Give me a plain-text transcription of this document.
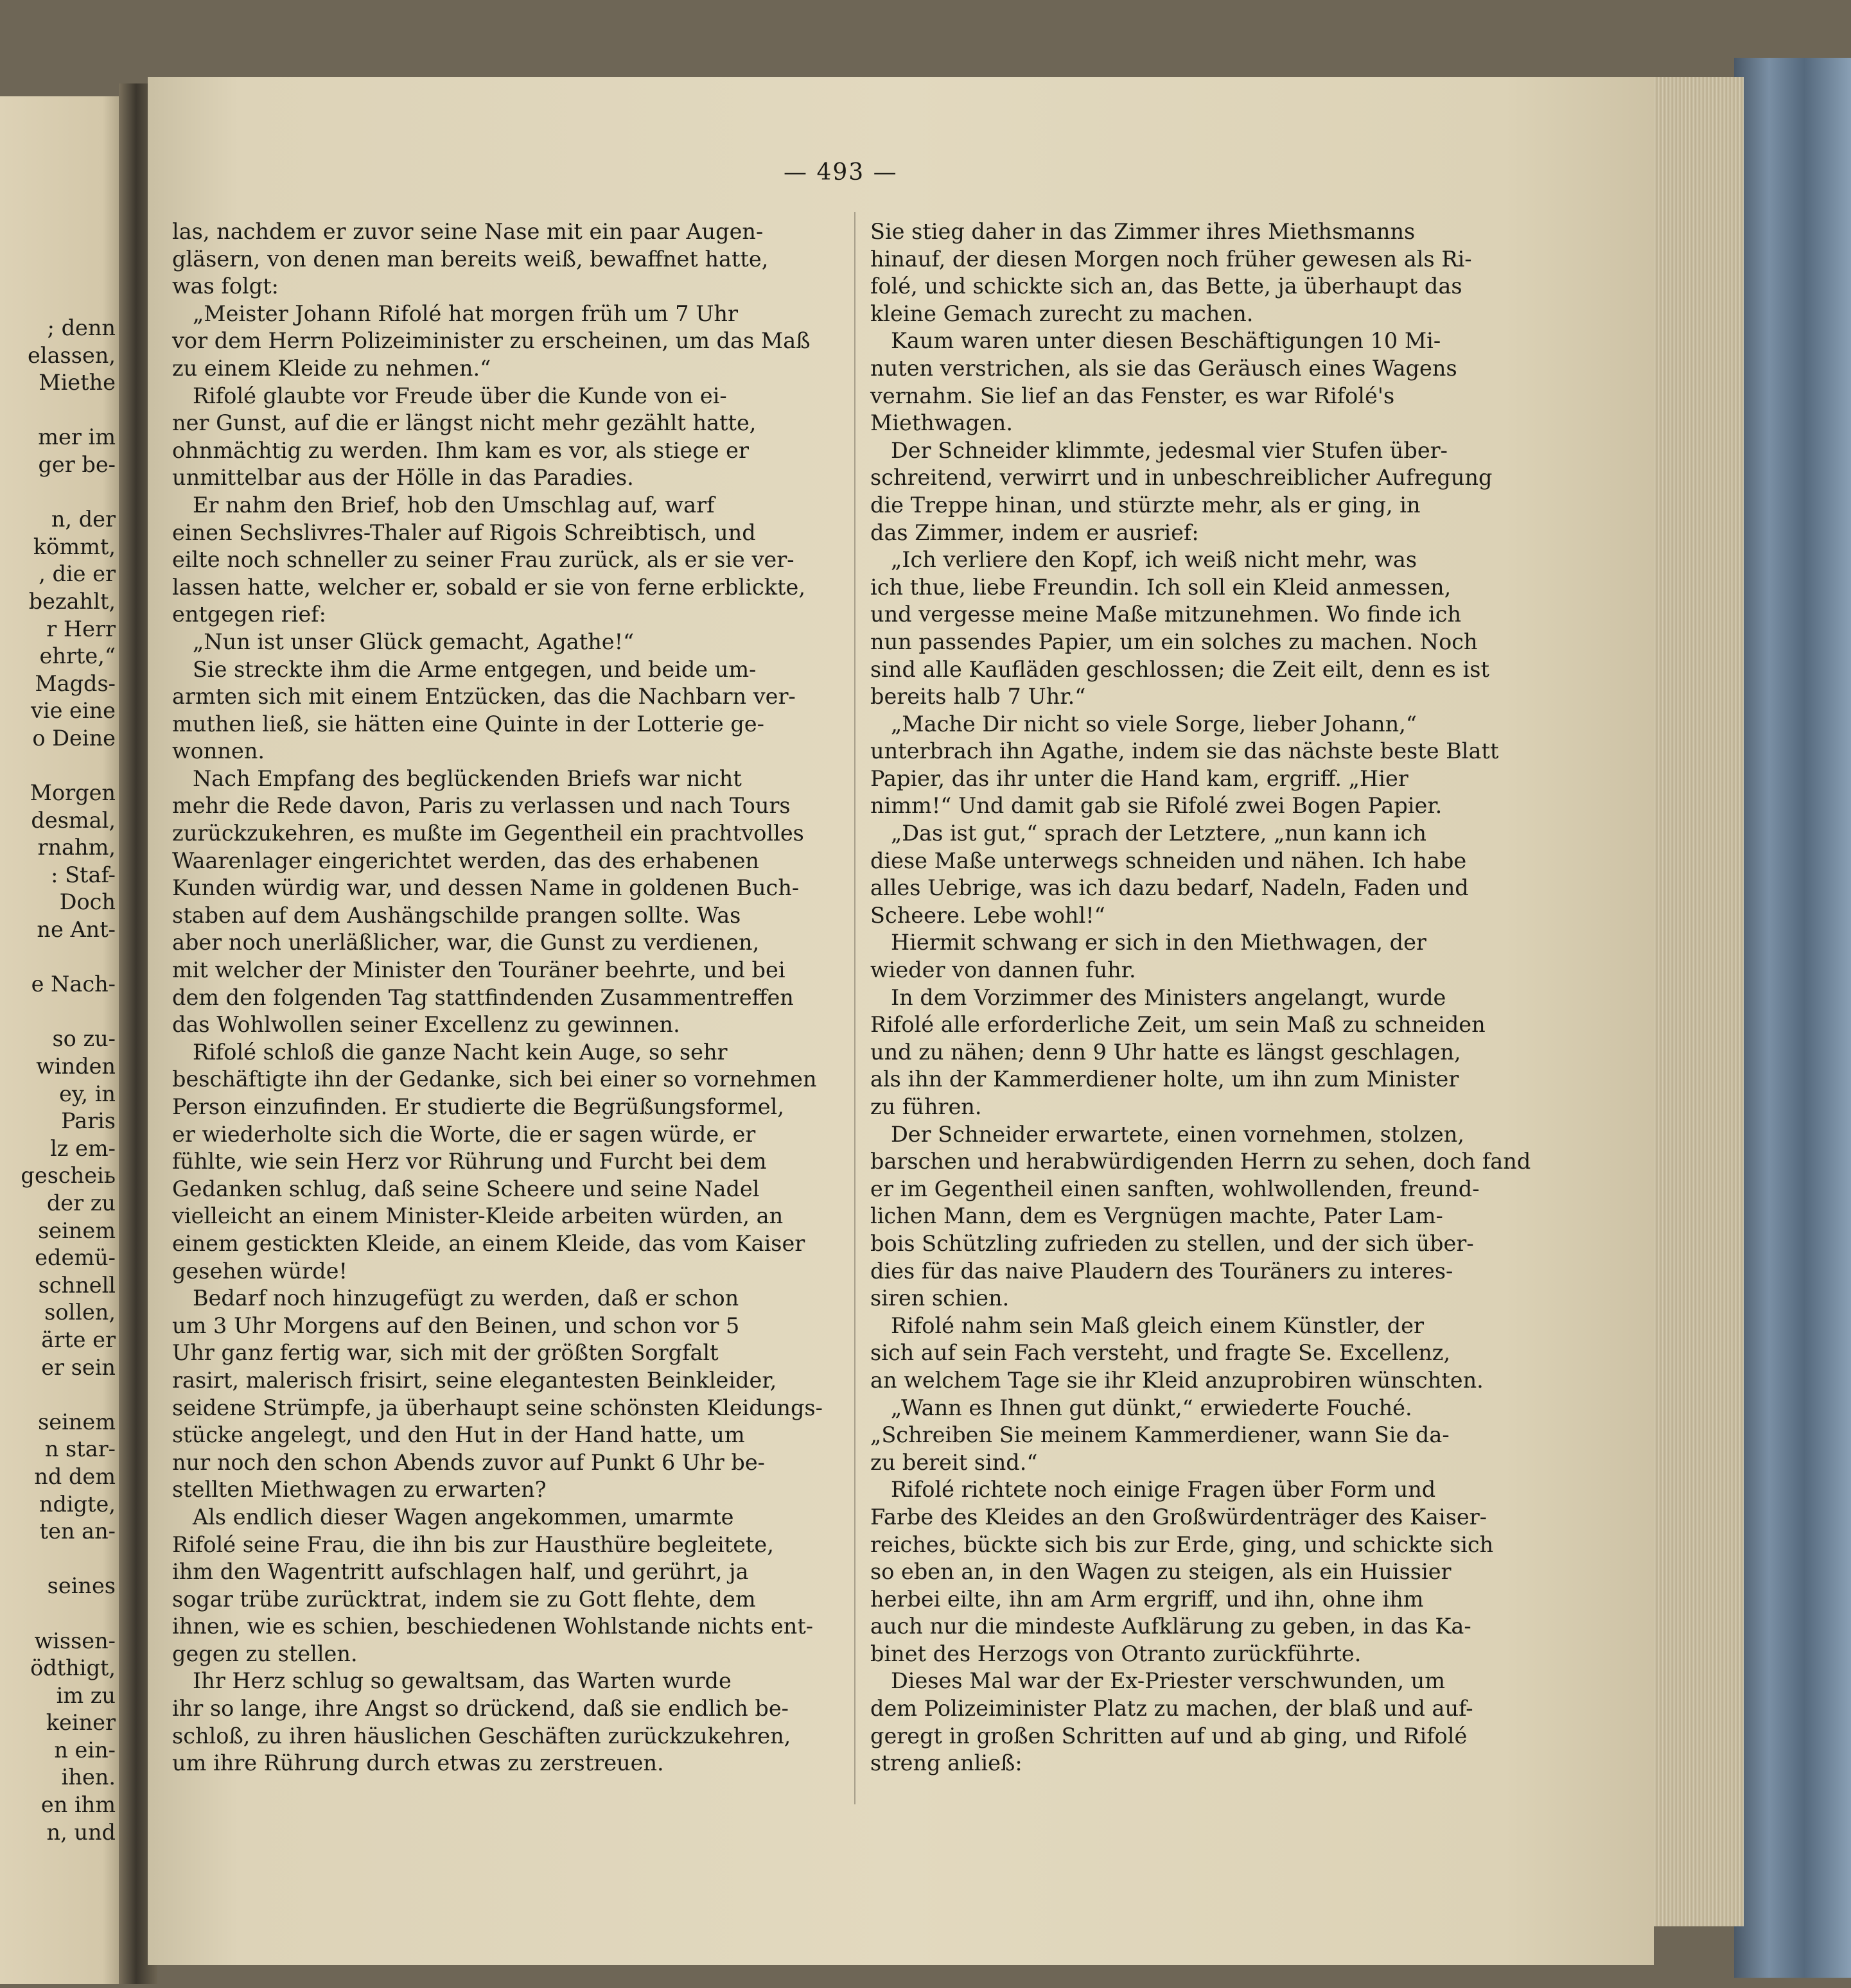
; denn
elassen,
Miethe
mer im
ger be-
n, der
kömmt,
, die er
bezahlt,
r Herr
ehrte,“
Magds-
vie eine
o Deine
Morgen
desmal,
rnahm,
: Staf-
Doch
ne Ant-
e Nach-
so zu-
winden
ey, in
Paris
lz em-
gescheiь
der zu
seinem
edemü-
schnell
sollen,
ärte er
er sein
seinem
n star-
nd dem
ndigte,
ten an-
seines
wissen-
ödthigt,
im zu
keiner
n ein-
ihen.
en ihm
n, und
— 493 —
las, nachdem er zuvor seine Nase mit ein paar Augen-
gläsern, von denen man bereits weiß, bewaffnet hatte,
was folgt:
„Meister Johann Rifolé hat morgen früh um 7 Uhr
vor dem Herrn Polizeiminister zu erscheinen, um das Maß
zu einem Kleide zu nehmen.“
Rifolé glaubte vor Freude über die Kunde von ei-
ner Gunst, auf die er längst nicht mehr gezählt hatte,
ohnmächtig zu werden. Ihm kam es vor, als stiege er
unmittelbar aus der Hölle in das Paradies.
Er nahm den Brief, hob den Umschlag auf, warf
einen Sechslivres-Thaler auf Rigois Schreibtisch, und
eilte noch schneller zu seiner Frau zurück, als er sie ver-
lassen hatte, welcher er, sobald er sie von ferne erblickte,
entgegen rief:
„Nun ist unser Glück gemacht, Agathe!“
Sie streckte ihm die Arme entgegen, und beide um-
armten sich mit einem Entzücken, das die Nachbarn ver-
muthen ließ, sie hätten eine Quinte in der Lotterie ge-
wonnen.
Nach Empfang des beglückenden Briefs war nicht
mehr die Rede davon, Paris zu verlassen und nach Tours
zurückzukehren, es mußte im Gegentheil ein prachtvolles
Waarenlager eingerichtet werden, das des erhabenen
Kunden würdig war, und dessen Name in goldenen Buch-
staben auf dem Aushängschilde prangen sollte. Was
aber noch unerläßlicher, war, die Gunst zu verdienen,
mit welcher der Minister den Touräner beehrte, und bei
dem den folgenden Tag stattfindenden Zusammentreffen
das Wohlwollen seiner Excellenz zu gewinnen.
Rifolé schloß die ganze Nacht kein Auge, so sehr
beschäftigte ihn der Gedanke, sich bei einer so vornehmen
Person einzufinden. Er studierte die Begrüßungsformel,
er wiederholte sich die Worte, die er sagen würde, er
fühlte, wie sein Herz vor Rührung und Furcht bei dem
Gedanken schlug, daß seine Scheere und seine Nadel
vielleicht an einem Minister-Kleide arbeiten würden, an
einem gestickten Kleide, an einem Kleide, das vom Kaiser
gesehen würde!
Bedarf noch hinzugefügt zu werden, daß er schon
um 3 Uhr Morgens auf den Beinen, und schon vor 5
Uhr ganz fertig war, sich mit der größten Sorgfalt
rasirt, malerisch frisirt, seine elegantesten Beinkleider,
seidene Strümpfe, ja überhaupt seine schönsten Kleidungs-
stücke angelegt, und den Hut in der Hand hatte, um
nur noch den schon Abends zuvor auf Punkt 6 Uhr be-
stellten Miethwagen zu erwarten?
Als endlich dieser Wagen angekommen, umarmte
Rifolé seine Frau, die ihn bis zur Hausthüre begleitete,
ihm den Wagentritt aufschlagen half, und gerührt, ja
sogar trübe zurücktrat, indem sie zu Gott flehte, dem
ihnen, wie es schien, beschiedenen Wohlstande nichts ent-
gegen zu stellen.
Ihr Herz schlug so gewaltsam, das Warten wurde
ihr so lange, ihre Angst so drückend, daß sie endlich be-
schloß, zu ihren häuslichen Geschäften zurückzukehren,
um ihre Rührung durch etwas zu zerstreuen.
Sie stieg daher in das Zimmer ihres Miethsmanns
hinauf, der diesen Morgen noch früher gewesen als Ri-
folé, und schickte sich an, das Bette, ja überhaupt das
kleine Gemach zurecht zu machen.
Kaum waren unter diesen Beschäftigungen 10 Mi-
nuten verstrichen, als sie das Geräusch eines Wagens
vernahm. Sie lief an das Fenster, es war Rifolé's
Miethwagen.
Der Schneider klimmte, jedesmal vier Stufen über-
schreitend, verwirrt und in unbeschreiblicher Aufregung
die Treppe hinan, und stürzte mehr, als er ging, in
das Zimmer, indem er ausrief:
„Ich verliere den Kopf, ich weiß nicht mehr, was
ich thue, liebe Freundin. Ich soll ein Kleid anmessen,
und vergesse meine Maße mitzunehmen. Wo finde ich
nun passendes Papier, um ein solches zu machen. Noch
sind alle Kaufläden geschlossen; die Zeit eilt, denn es ist
bereits halb 7 Uhr.“
„Mache Dir nicht so viele Sorge, lieber Johann,“
unterbrach ihn Agathe, indem sie das nächste beste Blatt
Papier, das ihr unter die Hand kam, ergriff. „Hier
nimm!“ Und damit gab sie Rifolé zwei Bogen Papier.
„Das ist gut,“ sprach der Letztere, „nun kann ich
diese Maße unterwegs schneiden und nähen. Ich habe
alles Uebrige, was ich dazu bedarf, Nadeln, Faden und
Scheere. Lebe wohl!“
Hiermit schwang er sich in den Miethwagen, der
wieder von dannen fuhr.
In dem Vorzimmer des Ministers angelangt, wurde
Rifolé alle erforderliche Zeit, um sein Maß zu schneiden
und zu nähen; denn 9 Uhr hatte es längst geschlagen,
als ihn der Kammerdiener holte, um ihn zum Minister
zu führen.
Der Schneider erwartete, einen vornehmen, stolzen,
barschen und herabwürdigenden Herrn zu sehen, doch fand
er im Gegentheil einen sanften, wohlwollenden, freund-
lichen Mann, dem es Vergnügen machte, Pater Lam-
bois Schützling zufrieden zu stellen, und der sich über-
dies für das naive Plaudern des Touräners zu interes-
siren schien.
Rifolé nahm sein Maß gleich einem Künstler, der
sich auf sein Fach versteht, und fragte Se. Excellenz,
an welchem Tage sie ihr Kleid anzuprobiren wünschten.
„Wann es Ihnen gut dünkt,“ erwiederte Fouché.
„Schreiben Sie meinem Kammerdiener, wann Sie da-
zu bereit sind.“
Rifolé richtete noch einige Fragen über Form und
Farbe des Kleides an den Großwürdenträger des Kaiser-
reiches, bückte sich bis zur Erde, ging, und schickte sich
so eben an, in den Wagen zu steigen, als ein Huissier
herbei eilte, ihn am Arm ergriff, und ihn, ohne ihm
auch nur die mindeste Aufklärung zu geben, in das Ka-
binet des Herzogs von Otranto zurückführte.
Dieses Mal war der Ex-Priester verschwunden, um
dem Polizeiminister Platz zu machen, der blaß und auf-
geregt in großen Schritten auf und ab ging, und Rifolé
streng anließ:
